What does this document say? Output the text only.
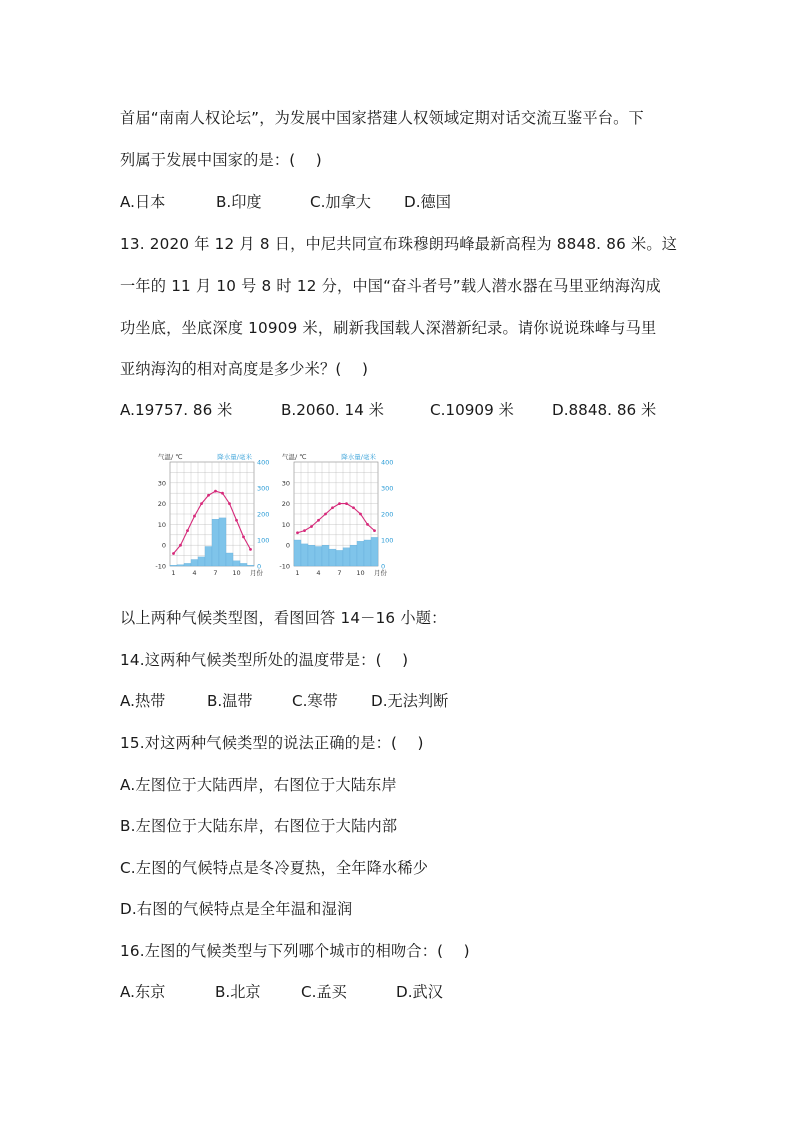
首届“南南人权论坛”，为发展中国家搭建人权领域定期对话交流互鉴平台。下
列属于发展中国家的是：(　 )

A.日本

	B.印度

	C.加拿大

D.德国

13. 2020 年 12 月 8 日，中尼共同宣布珠穆朗玛峰最新高程为 8848. 86 米。这
一年的 11 月 10 号 8 时 12 分，中国“奋斗者号”载人潜水器在马里亚纳海沟成
功坐底，坐底深度 10909 米，刷新我国载人深潜新纪录。请你说说珠峰与马里
亚纳海沟的相对高度是多少米？(　 )

A.19757. 86 米

	B.2060. 14 米

	C.10909 米

	D.8848. 86 米

-10
0
10
20
30
0
100
200
300
400
气温/ ℃	降水量/毫米
1	4	7 10 月份
-10
0
10
20
30
0
100
200
300
400
气温/ ℃	降水量/毫米
1	4	7 10 月份
以上两种气候类型图，看图回答 14－16 小题：
14.这两种气候类型所处的温度带是：(　 )

A.热带

	B.温带

	C.寒带

D.无法判断

15.对这两种气候类型的说法正确的是：(　 )
A.左图位于大陆西岸，右图位于大陆东岸
B.左图位于大陆东岸，右图位于大陆内部
C.左图的气候特点是冬冷夏热，全年降水稀少
D.右图的气候特点是全年温和湿润
16.左图的气候类型与下列哪个城市的相吻合：(　 )

A.东京

	B.北京

	C.孟买

	D.武汉
